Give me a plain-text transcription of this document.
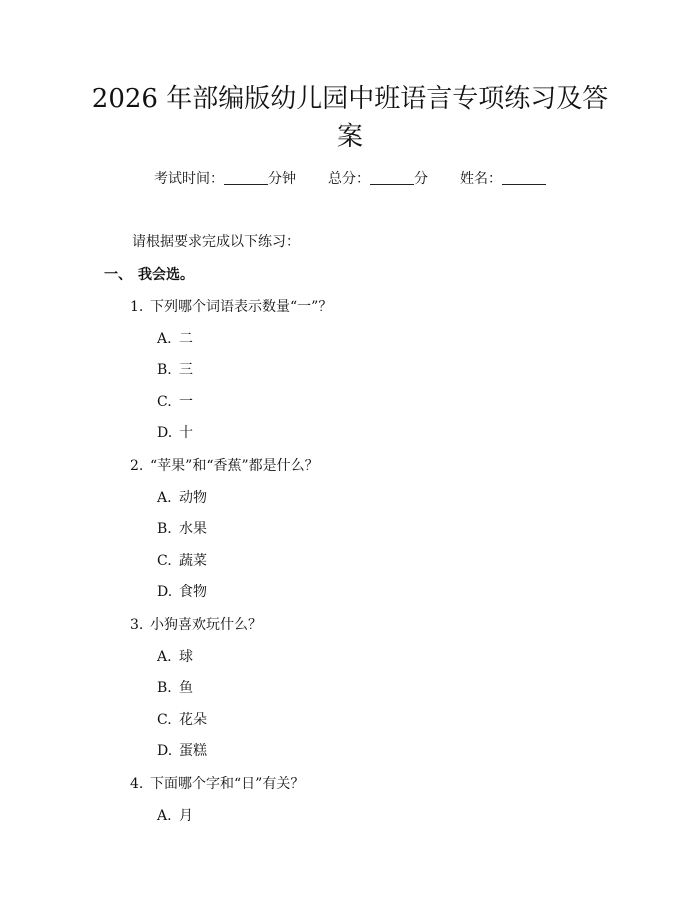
2026 年部编版幼儿园中班语言专项练习及答
案
考试时间：	分钟 总分：	分 姓名：
请根据要求完成以下练习：
一、 我会选。
1. 下列哪个词语表示数量“一”？
A. 二
B. 三
C. 一
D. 十
2. “苹果”和“香蕉”都是什么？
A. 动物
B. 水果
C. 蔬菜
D. 食物
3. 小狗喜欢玩什么？
A. 球
B. 鱼
C. 花朵
D. 蛋糕
4. 下面哪个字和“日”有关？
A. 月
